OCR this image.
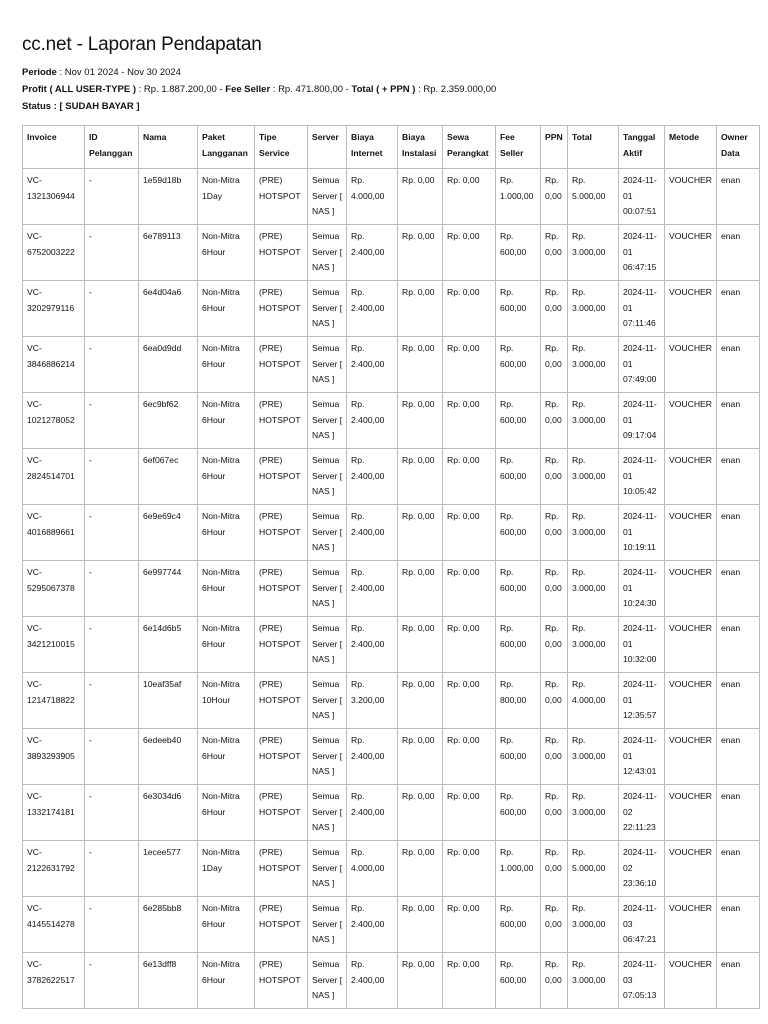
cc.net - Laporan Pendapatan
Periode : Nov 01 2024 - Nov 30 2024
Profit ( ALL USER-TYPE ) : Rp. 1.887.200,00 - Fee Seller : Rp. 471.800,00 - Total ( + PPN ) : Rp. 2.359.000,00
Status : [ SUDAH BAYAR ]
Invoice	ID Pelanggan	Nama	Paket Langganan	Tipe Service	Server	Biaya Internet	Biaya Instalasi	Sewa Perangkat	Fee Seller	PPN	Total	Tanggal Aktif	Metode	Owner Data
VC-1321306944	-	1e59d18b	Non-Mitra 1Day	(PRE) HOTSPOT	Semua Server [ NAS ]	Rp. 4.000,00	Rp. 0,00	Rp. 0,00	Rp. 1.000,00	Rp. 0,00	Rp. 5.000,00	2024-11-01 00:07:51	VOUCHER	enan
VC-6752003222	-	6e789113	Non-Mitra 6Hour	(PRE) HOTSPOT	Semua Server [ NAS ]	Rp. 2.400,00	Rp. 0,00	Rp. 0,00	Rp. 600,00	Rp. 0,00	Rp. 3.000,00	2024-11-01 06:47:15	VOUCHER	enan
VC-3202979116	-	6e4d04a6	Non-Mitra 6Hour	(PRE) HOTSPOT	Semua Server [ NAS ]	Rp. 2.400,00	Rp. 0,00	Rp. 0,00	Rp. 600,00	Rp. 0,00	Rp. 3.000,00	2024-11-01 07:11:46	VOUCHER	enan
VC-3846886214	-	6ea0d9dd	Non-Mitra 6Hour	(PRE) HOTSPOT	Semua Server [ NAS ]	Rp. 2.400,00	Rp. 0,00	Rp. 0,00	Rp. 600,00	Rp. 0,00	Rp. 3.000,00	2024-11-01 07:49:00	VOUCHER	enan
VC-1021278052	-	6ec9bf62	Non-Mitra 6Hour	(PRE) HOTSPOT	Semua Server [ NAS ]	Rp. 2.400,00	Rp. 0,00	Rp. 0,00	Rp. 600,00	Rp. 0,00	Rp. 3.000,00	2024-11-01 09:17:04	VOUCHER	enan
VC-2824514701	-	6ef067ec	Non-Mitra 6Hour	(PRE) HOTSPOT	Semua Server [ NAS ]	Rp. 2.400,00	Rp. 0,00	Rp. 0,00	Rp. 600,00	Rp. 0,00	Rp. 3.000,00	2024-11-01 10:05:42	VOUCHER	enan
VC-4016889661	-	6e9e69c4	Non-Mitra 6Hour	(PRE) HOTSPOT	Semua Server [ NAS ]	Rp. 2.400,00	Rp. 0,00	Rp. 0,00	Rp. 600,00	Rp. 0,00	Rp. 3.000,00	2024-11-01 10:19:11	VOUCHER	enan
VC-5295067378	-	6e997744	Non-Mitra 6Hour	(PRE) HOTSPOT	Semua Server [ NAS ]	Rp. 2.400,00	Rp. 0,00	Rp. 0,00	Rp. 600,00	Rp. 0,00	Rp. 3.000,00	2024-11-01 10:24:30	VOUCHER	enan
VC-3421210015	-	6e14d6b5	Non-Mitra 6Hour	(PRE) HOTSPOT	Semua Server [ NAS ]	Rp. 2.400,00	Rp. 0,00	Rp. 0,00	Rp. 600,00	Rp. 0,00	Rp. 3.000,00	2024-11-01 10:32:00	VOUCHER	enan
VC-1214718822	-	10eaf35af	Non-Mitra 10Hour	(PRE) HOTSPOT	Semua Server [ NAS ]	Rp. 3.200,00	Rp. 0,00	Rp. 0,00	Rp. 800,00	Rp. 0,00	Rp. 4.000,00	2024-11-01 12:35:57	VOUCHER	enan
VC-3893293905	-	6edeeb40	Non-Mitra 6Hour	(PRE) HOTSPOT	Semua Server [ NAS ]	Rp. 2.400,00	Rp. 0,00	Rp. 0,00	Rp. 600,00	Rp. 0,00	Rp. 3.000,00	2024-11-01 12:43:01	VOUCHER	enan
VC-1332174181	-	6e3034d6	Non-Mitra 6Hour	(PRE) HOTSPOT	Semua Server [ NAS ]	Rp. 2.400,00	Rp. 0,00	Rp. 0,00	Rp. 600,00	Rp. 0,00	Rp. 3.000,00	2024-11-02 22:11:23	VOUCHER	enan
VC-2122631792	-	1ecee577	Non-Mitra 1Day	(PRE) HOTSPOT	Semua Server [ NAS ]	Rp. 4.000,00	Rp. 0,00	Rp. 0,00	Rp. 1.000,00	Rp. 0,00	Rp. 5.000,00	2024-11-02 23:36:10	VOUCHER	enan
VC-4145514278	-	6e285bb8	Non-Mitra 6Hour	(PRE) HOTSPOT	Semua Server [ NAS ]	Rp. 2.400,00	Rp. 0,00	Rp. 0,00	Rp. 600,00	Rp. 0,00	Rp. 3.000,00	2024-11-03 06:47:21	VOUCHER	enan
VC-3782622517	-	6e13dff8	Non-Mitra 6Hour	(PRE) HOTSPOT	Semua Server [ NAS ]	Rp. 2.400,00	Rp. 0,00	Rp. 0,00	Rp. 600,00	Rp. 0,00	Rp. 3.000,00	2024-11-03 07:05:13	VOUCHER	enan
